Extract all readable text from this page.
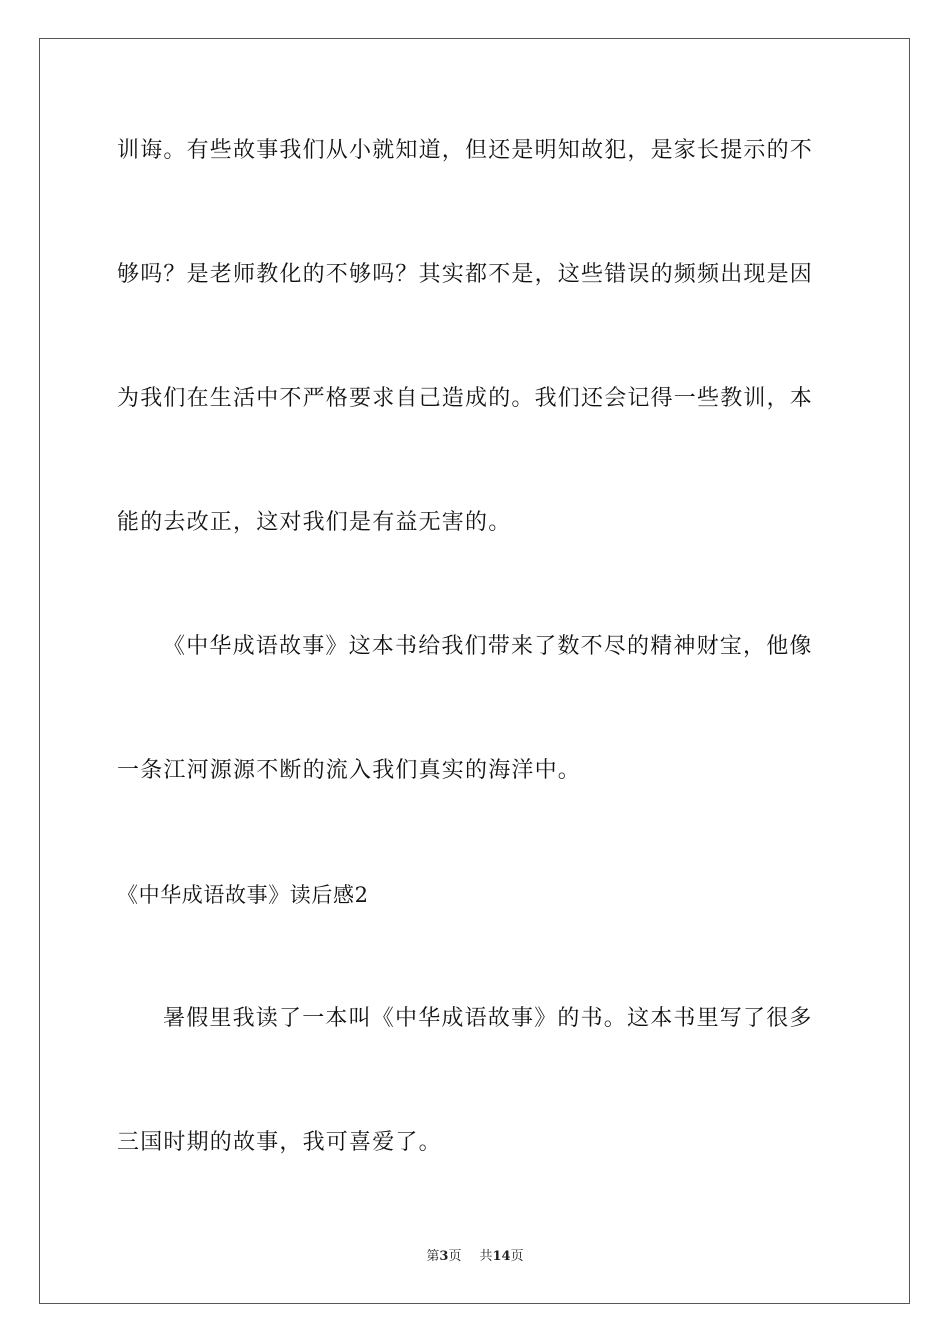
训诲。有些故事我们从小就知道，但还是明知故犯，是家长提示的不
够吗？是老师教化的不够吗？其实都不是，这些错误的频频出现是因
为我们在生活中不严格要求自己造成的。我们还会记得一些教训，本
能的去改正，这对我们是有益无害的。
《中华成语故事》这本书给我们带来了数不尽的精神财宝，他像
一条江河源源不断的流入我们真实的海洋中。
《中华成语故事》读后感2
暑假里我读了一本叫《中华成语故事》的书。这本书里写了很多
三国时期的故事，我可喜爱了。
第3页 共14页
